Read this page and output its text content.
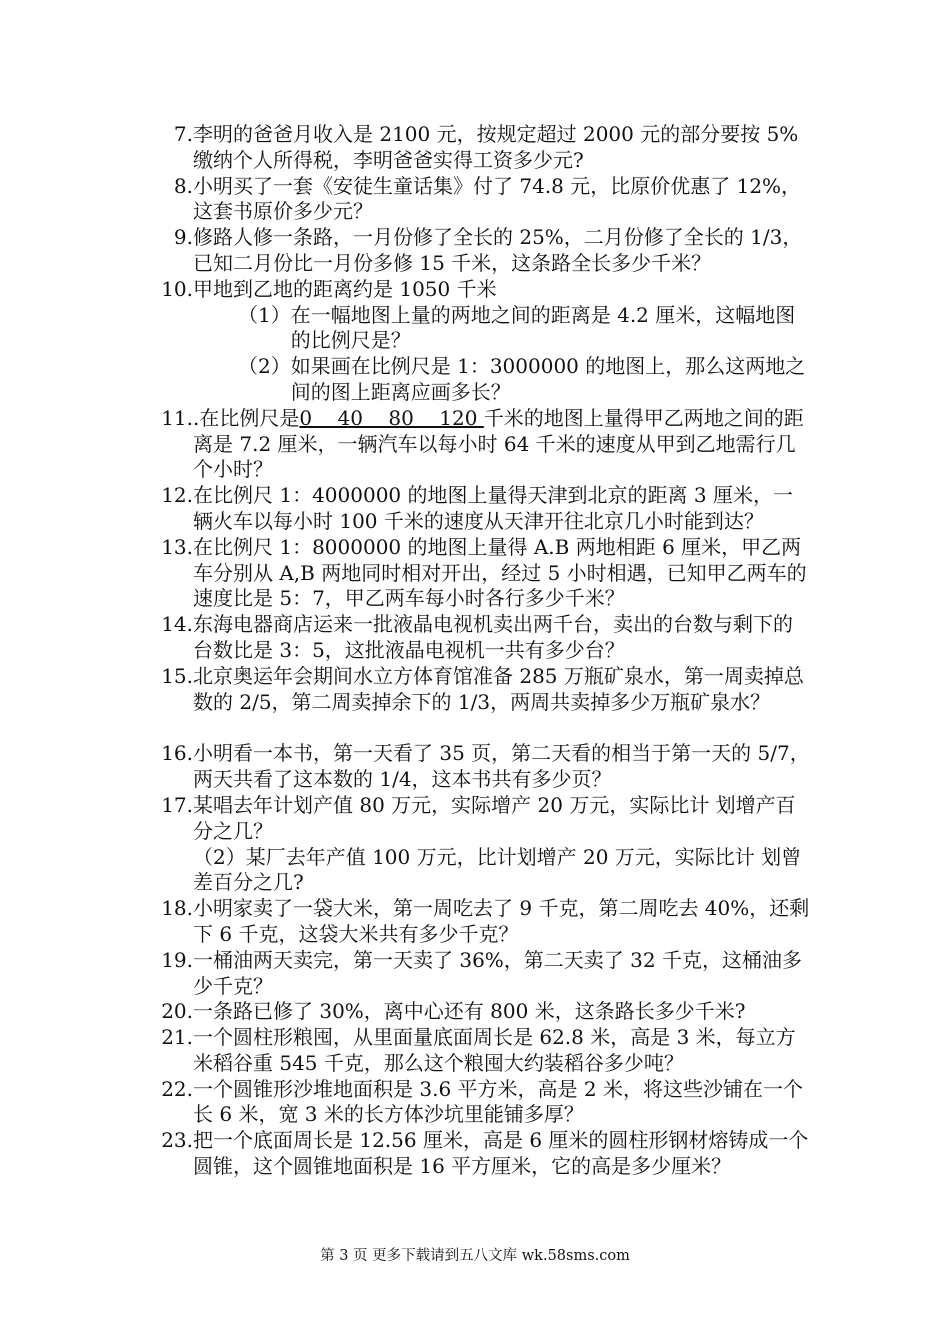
7. 李明的爸爸月收入是 2100 元，按规定超过 2000 元的部分要按 5%缴纳个人所得税，李明爸爸实得工资多少元?
8. 小明买了一套《安徒生童话集》付了 74.8 元，比原价优惠了 12%，这套书原价多少元？
9. 修路人修一条路，一月份修了全长的 25%，二月份修了全长的 1/3，已知二月份比一月份多修 15 千米，这条路全长多少千米？
10. 甲地到乙地的距离约是 1050 千米
（1） 在一幅地图上量的两地之间的距离是 4.2 厘米，这幅地图的比例尺是？
（2） 如果画在比例尺是 1：3000000 的地图上，那么这两地之间的图上距离应画多长？
11. .在比例尺是0    40    80    120 千米的地图上量得甲乙两地之间的距离是 7.2 厘米，一辆汽车以每小时 64 千米的速度从甲到乙地需行几个小时？
12. 在比例尺 1：4000000 的地图上量得天津到北京的距离 3 厘米，一辆火车以每小时 100 千米的速度从天津开往北京几小时能到达？
13. 在比例尺 1：8000000 的地图上量得 A.B 两地相距 6 厘米，甲乙两车分别从 A,B 两地同时相对开出，经过 5 小时相遇，已知甲乙两车的速度比是 5：7，甲乙两车每小时各行多少千米？
14. 东海电器商店运来一批液晶电视机卖出两千台，卖出的台数与剩下的台数比是 3：5，这批液晶电视机一共有多少台？
15. 北京奥运年会期间水立方体育馆准备 285 万瓶矿泉水，第一周卖掉总数的 2/5，第二周卖掉余下的 1/3，两周共卖掉多少万瓶矿泉水？
16. 小明看一本书，第一天看了 35 页，第二天看的相当于第一天的 5/7，两天共看了这本数的 1/4，这本书共有多少页？
17. 某唱去年计划产值 80 万元，实际增产 20 万元，实际比计 划增产百分之几？
（2）某厂去年产值 100 万元，比计划增产 20 万元，实际比计 划曾差百分之几?
18. 小明家卖了一袋大米，第一周吃去了 9 千克，第二周吃去 40%，还剩下 6 千克，这袋大米共有多少千克？
19. 一桶油两天卖完，第一天卖了 36%，第二天卖了 32 千克，这桶油多少千克？
20. 一条路已修了 30%，离中心还有 800 米，这条路长多少千米?
21. 一个圆柱形粮囤，从里面量底面周长是 62.8 米，高是 3 米，每立方米稻谷重 545 千克，那么这个粮囤大约装稻谷多少吨？
22. 一个圆锥形沙堆地面积是 3.6 平方米，高是 2 米，将这些沙铺在一个长 6 米，宽 3 米的长方体沙坑里能铺多厚？
23. 把一个底面周长是 12.56 厘米，高是 6 厘米的圆柱形钢材熔铸成一个圆锥，这个圆锥地面积是 16 平方厘米，它的高是多少厘米？
第 3 页 更多下载请到五八文库 wk.58sms.com
